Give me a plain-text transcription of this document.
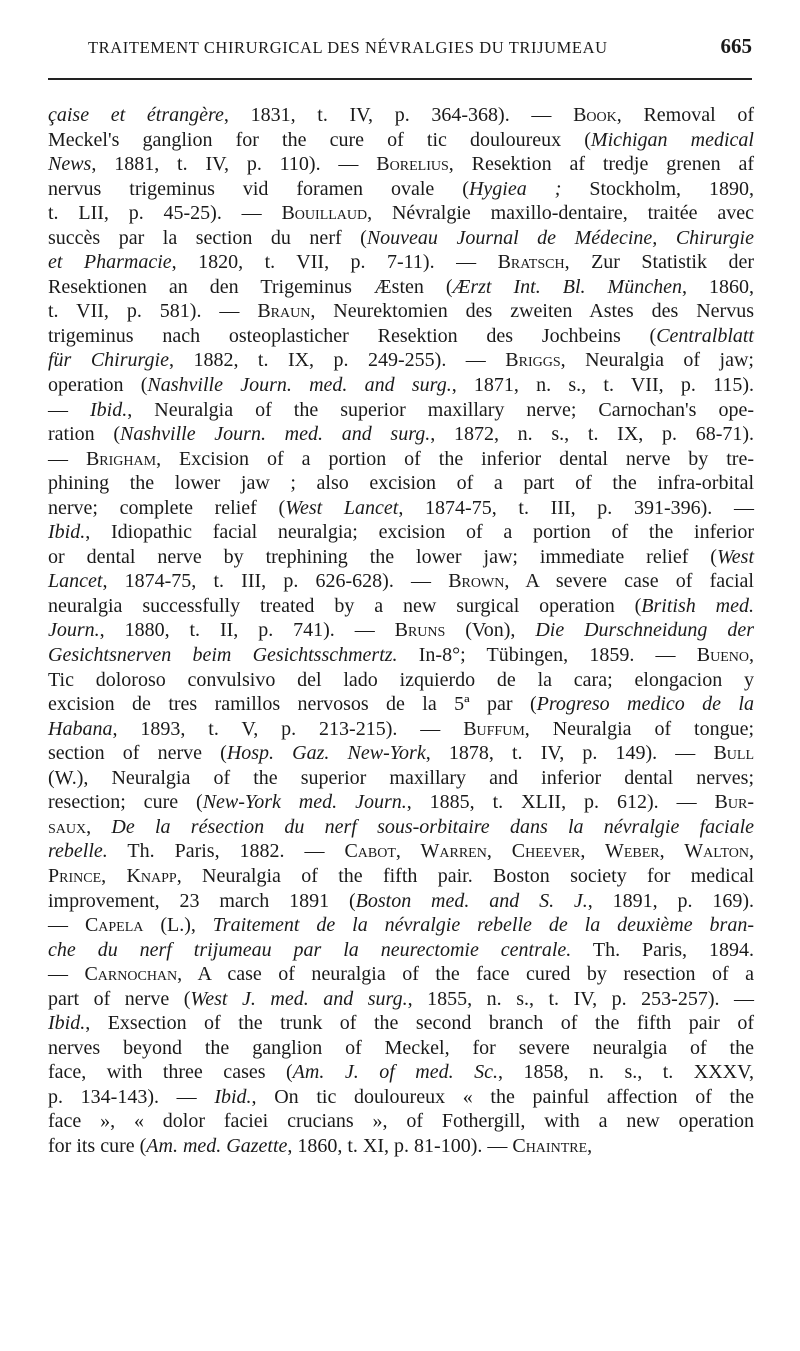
TRAITEMENT CHIRURGICAL DES NÉVRALGIES DU TRIJUMEAU	665
çaise et étrangère, 1831, t. IV, p. 364-368). — Book, Removal of
Meckel's ganglion for the cure of tic douloureux (Michigan medical
News, 1881, t. IV, p. 110). — Borelius, Resektion af tredje grenen af
nervus trigeminus vid foramen ovale (Hygiea ; Stockholm, 1890,
t. LII, p. 45-25). — Bouillaud, Névralgie maxillo-dentaire, traitée avec
succès par la section du nerf (Nouveau Journal de Médecine, Chirurgie
et Pharmacie, 1820, t. VII, p. 7-11). — Bratsch, Zur Statistik der
Resektionen an den Trigeminus Æsten (Ærzt Int. Bl. München, 1860,
t. VII, p. 581). — Braun, Neurektomien des zweiten Astes des Nervus
trigeminus nach osteoplasticher Resektion des Jochbeins (Centralblatt
für Chirurgie, 1882, t. IX, p. 249-255). — Briggs, Neuralgia of jaw;
operation (Nashville Journ. med. and surg., 1871, n. s., t. VII, p. 115).
— Ibid., Neuralgia of the superior maxillary nerve; Carnochan's ope-
ration (Nashville Journ. med. and surg., 1872, n. s., t. IX, p. 68-71).
— Brigham, Excision of a portion of the inferior dental nerve by tre-
phining the lower jaw ; also excision of a part of the infra-orbital
nerve; complete relief (West Lancet, 1874-75, t. III, p. 391-396). —
Ibid., Idiopathic facial neuralgia; excision of a portion of the inferior
or dental nerve by trephining the lower jaw; immediate relief (West
Lancet, 1874-75, t. III, p. 626-628). — Brown, A severe case of facial
neuralgia successfully treated by a new surgical operation (British med.
Journ., 1880, t. II, p. 741). — Bruns (Von), Die Durschneidung der
Gesichtsnerven beim Gesichtsschmertz. In-8°; Tübingen, 1859. — Bueno,
Tic doloroso convulsivo del lado izquierdo de la cara; elongacion y
excision de tres ramillos nervosos de la 5ª par (Progreso medico de la
Habana, 1893, t. V, p. 213-215). — Buffum, Neuralgia of tongue;
section of nerve (Hosp. Gaz. New-York, 1878, t. IV, p. 149). — Bull
(W.), Neuralgia of the superior maxillary and inferior dental nerves;
resection; cure (New-York med. Journ., 1885, t. XLII, p. 612). — Bur-
saux, De la résection du nerf sous-orbitaire dans la névralgie faciale
rebelle. Th. Paris, 1882. — Cabot, Warren, Cheever, Weber, Walton,
Prince, Knapp, Neuralgia of the fifth pair. Boston society for medical
improvement, 23 march 1891 (Boston med. and S. J., 1891, p. 169).
— Capela (L.), Traitement de la névralgie rebelle de la deuxième bran-
che du nerf trijumeau par la neurectomie centrale. Th. Paris, 1894.
— Carnochan, A case of neuralgia of the face cured by resection of a
part of nerve (West J. med. and surg., 1855, n. s., t. IV, p. 253-257). —
Ibid., Exsection of the trunk of the second branch of the fifth pair of
nerves beyond the ganglion of Meckel, for severe neuralgia of the
face, with three cases (Am. J. of med. Sc., 1858, n. s., t. XXXV,
p. 134-143). — Ibid., On tic douloureux « the painful affection of the
face », « dolor faciei crucians », of Fothergill, with a new operation
for its cure (Am. med. Gazette, 1860, t. XI, p. 81-100). — Chaintre,
